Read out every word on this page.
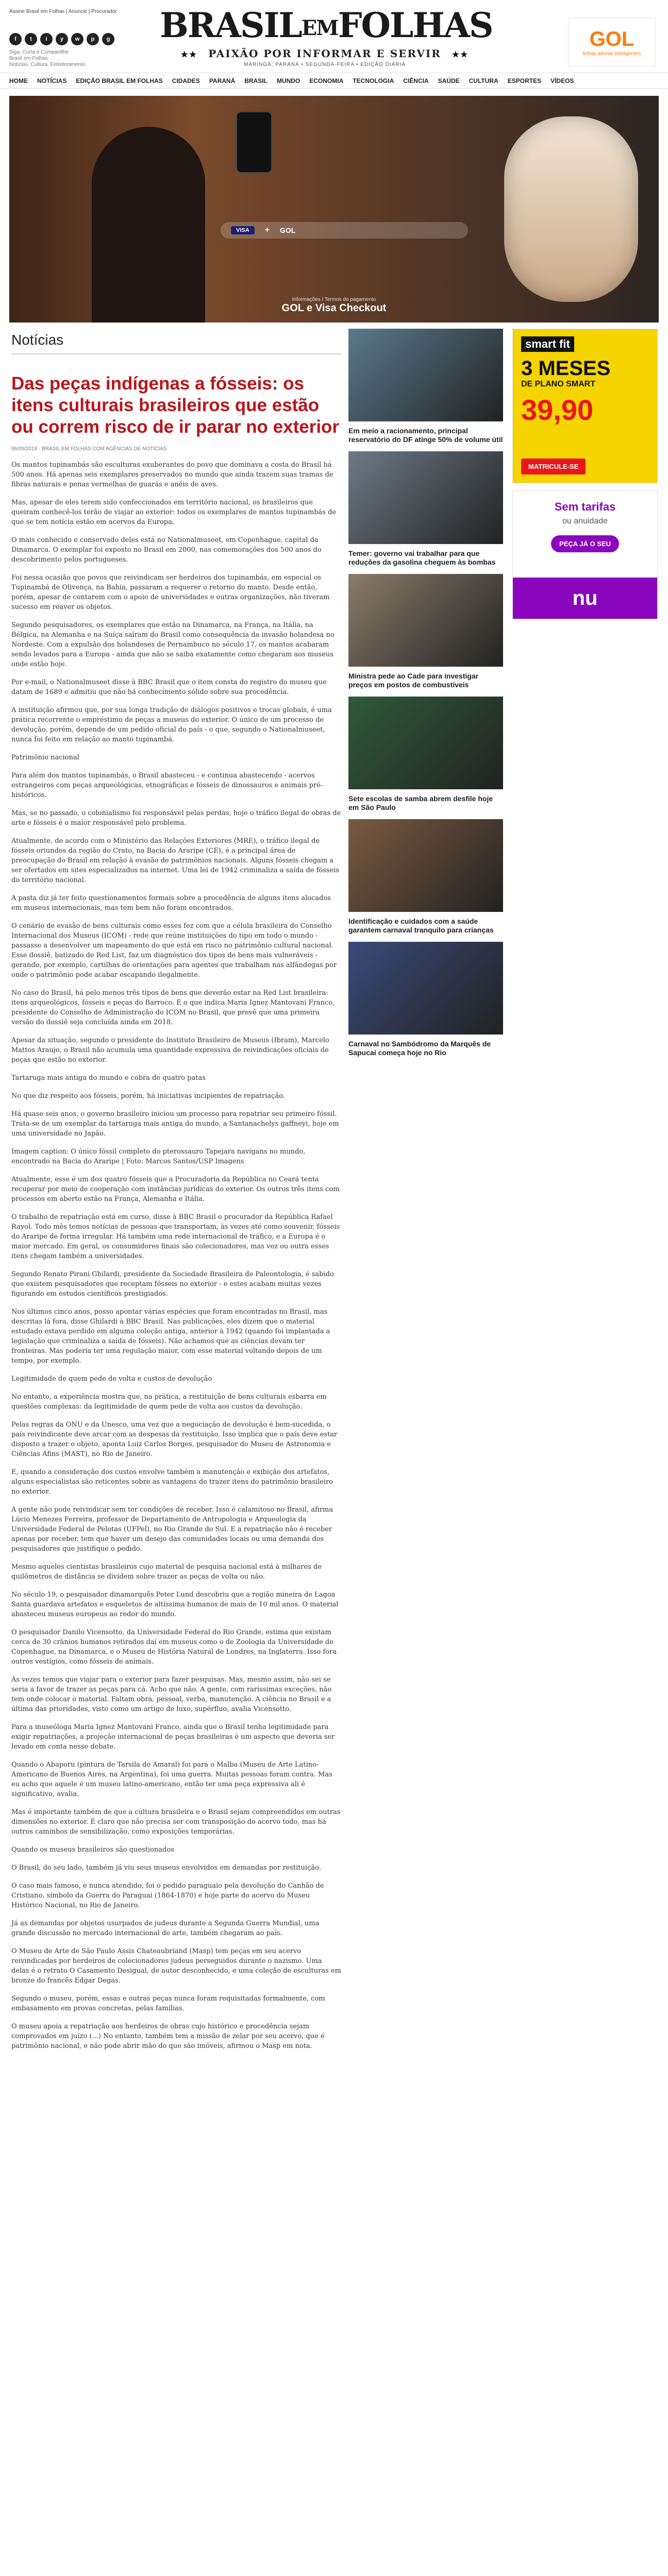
Assine Brasil em Folhas | Anuncie | Procurador
f	t	i	y	w	p	g
Siga, Curta e Compartilhe
Brasil em Folhas
Notícias, Cultura, Entretenimento
BRASILEMFOLHAS
★★ PAIXÃO POR INFORMAR E SERVIR ★★
MARINGÁ, PARANÁ • SEGUNDA-FEIRA • EDIÇÃO DIÁRIA
GOL
linhas aéreas inteligentes
HOME NOTÍCIAS EDIÇÃO BRASIL EM FOLHAS CIDADES PARANÁ BRASIL MUNDO ECONOMIA TECNOLOGIA CIÊNCIA SAÚDE CULTURA ESPORTES VÍDEOS
VISA	+ GOL
Informações / Termos do pagamento
GOL e Visa Checkout
Notícias
Das peças indígenas a fósseis: os itens culturais brasileiros que estão ou correm risco de ir parar no exterior
06/05/2019 · BRASIL EM FOLHAS COM AGÊNCIAS DE NOTÍCIAS

Os mantos tupinambás são esculturas exuberantes do povo que dominava a costa do Brasil há 500 anos. Há apenas seis exemplares preservados no mundo que ainda trazem suas tramas de fibras naturais e penas vermelhas de guarás e anéis de aves.

Mas, apesar de eles terem sido confeccionados em território nacional, os brasileiros que queiram conhecê-los terão de viajar ao exterior: todos os exemplares de mantos tupinambás de que se tem notícia estão em acervos da Europa.

O mais conhecido e conservado deles está no Nationalmuseet, em Copenhague, capital da Dinamarca. O exemplar foi exposto no Brasil em 2000, nas comemorações dos 500 anos do descobrimento pelos portugueses.

Foi nessa ocasião que povos que reivindicam ser herdeiros dos tupinambás, em especial os Tupinambá de Olivença, na Bahia, passaram a requerer o retorno do manto. Desde então, porém, apesar de contarem com o apoio de universidades e outras organizações, não tiveram sucesso em reaver os objetos.

Segundo pesquisadores, os exemplares que estão na Dinamarca, na França, na Itália, na Bélgica, na Alemanha e na Suíça saíram do Brasil como consequência da invasão holandesa no Nordeste. Com a expulsão dos holandeses de Pernambuco no século 17, os mantos acabaram sendo levados para a Europa - ainda que não se saiba exatamente como chegaram aos museus onde estão hoje.

Por e-mail, o Nationalmuseet disse à BBC Brasil que o item consta do registro do museu que datam de 1689 e admitiu que não há conhecimento sólido sobre sua procedência.

A instituição afirmou que, por sua longa tradição de diálogos positivos e trocas globais, é uma prática recorrente o empréstimo de peças a museus do exterior. O único de um processo de devolução, porém, depende de um pedido oficial do país - o que, segundo o Nationalmuseet, nunca foi feito em relação ao manto tupinambá.

Patrimônio nacional

Para além dos mantos tupinambás, o Brasil abasteceu - e continua abastecendo - acervos estrangeiros com peças arqueológicas, etnográficas e fósseis de dinossauros e animais pré-históricos.

Mas, se no passado, o colonialismo foi responsável pelas perdas, hoje o tráfico ilegal de obras de arte e fósseis é o maior responsável pelo problema.

Atualmente, de acordo com o Ministério das Relações Exteriores (MRE), o tráfico ilegal de fósseis oriundos da região do Crato, na Bacia do Araripe (CE), é a principal área de preocupação do Brasil em relação à evasão de patrimônios nacionais. Alguns fósseis chegam a ser ofertados em sites especializados na internet. Uma lei de 1942 criminaliza a saída de fósseis do território nacional.

A pasta diz já ter feito questionamentos formais sobre a procedência de alguns itens alocados em museus internacionais, mas tem bem não foram encontrados.

O cenário de evasão de bens culturais como esses fez com que a célula brasileira do Conselho Internacional dos Museus (ICOM) - rede que reúne instituições do tipo em todo o mundo - passasse a desenvolver um mapeamento do que está em risco no patrimônio cultural nacional. Esse dossiê, batizado de Red List, faz um diagnóstico dos tipos de bens mais vulneráveis - gerando, por exemplo, cartilhas de orientações para agentes que trabalham nas alfândegas por onde o patrimônio pode acabar escapando ilegalmente.

No caso do Brasil, há pelo menos três tipos de bens que deverão estar na Red List brasileira: itens arqueológicos, fósseis e peças do Barroco. É o que indica Maria Ignez Mantovani Franco, presidente do Conselho de Administração do ICOM no Brasil, que prevê que uma primeira versão do dossiê seja concluída ainda em 2018.

Apesar da situação, segundo o presidente do Instituto Brasileiro de Museus (Ibram), Marcelo Mattos Araujo, o Brasil não acumula uma quantidade expressiva de reivindicações oficiais de peças que estão no exterior.

Tartaruga mais antiga do mundo e cobra de quatro patas

No que diz respeito aos fósseis, porém, há iniciativas incipientes de repatriação.

Há quase seis anos, o governo brasileiro iniciou um processo para repatriar seu primeiro fóssil. Trata-se de um exemplar da tartaruga mais antiga do mundo, a Santanachelys gaffneyi, hoje em uma universidade no Japão.

Imagem caption: O único fóssil completo do pterossauro Tapejara navigans no mundo, encontrado na Bacia do Araripe | Foto: Marcos Santos/USP Imagens

Atualmente, esse é um dos quatro fósseis que a Procuradoria da República no Ceará tenta recuperar por meio de cooperação com instâncias jurídicas do exterior. Os outros três itens com processos em aberto estão na França, Alemanha e Itália.

O trabalho de repatriação está em curso, disse à BBC Brasil o procurador da República Rafael Rayol. Todo mês temos notícias de pessoas que transportam, às vezes até como souvenir, fósseis do Araripe de forma irregular. Há também uma rede internacional de tráfico, e a Europa é o maior mercado. Em geral, os consumidores finais são colecionadores, mas vez ou outra esses itens chegam também a universidades.

Segundo Renato Pirani Ghilardi, presidente da Sociedade Brasileira de Paleontologia, é sabido que existem pesquisadores que receptam fósseis no exterior - e estes acabam muitas vezes figurando em estudos científicos prestigiados.

Nos últimos cinco anos, posso apontar várias espécies que foram encontradas no Brasil, mas descritas lá fora, disse Ghilardi à BBC Brasil. Nas publicações, eles dizem que o material estudado estava perdido em alguma coleção antiga, anterior à 1942 (quando foi implantada a legislação que criminaliza a saída de fósseis). Não achamos que as ciências devam ter fronteiras. Mas poderia ter uma regulação maior, com esse material voltando depois de um tempo, por exemplo.

Legitimidade de quem pede de volta e custos de devolução

No entanto, a experiência mostra que, na prática, a restituição de bens culturais esbarra em questões complexas: da legitimidade de quem pede de volta aos custos da devolução.

Pelas regras da ONU e da Unesco, uma vez que a negociação de devolução é bem-sucedida, o país reivindicante deve arcar com as despesas da restituição. Isso implica que o país deve estar disposto a trazer o objeto, aponta Luiz Carlos Borges, pesquisador do Museu de Astronomia e Ciências Afins (MAST), no Rio de Janeiro.

E, quando a consideração dos custos envolve também a manutenção e exibição dos artefatos, alguns especialistas são reticentes sobre as vantagens de trazer itens do patrimônio brasileiro no exterior.

A gente não pode reivindicar sem ter condições de receber. Isso é calamitoso no Brasil, afirma Lúcio Menezes Ferreira, professor de Departamento de Antropologia e Arqueologia da Universidade Federal de Pelotas (UFPel), no Rio Grande do Sul. E a repatriação não é receber apenas por receber, tem que haver um desejo das comunidades locais ou uma demanda dos pesquisadores que justifique o pedido.

Mesmo aqueles cientistas brasileiros cujo material de pesquisa nacional está à milhares de quilômetros de distância se dividem sobre trazer as peças de volta ou não.

No século 19, o pesquisador dinamarquês Peter Lund descobriu que a região mineira de Lagoa Santa guardava artefatos e esqueletos de altíssima humanos de mais de 10 mil anos. O material abasteceu museus europeus ao redor do mundo.

O pesquisador Danilo Vicensotto, da Universidade Federal do Rio Grande, estima que existam cerca de 30 crânios humanos retirados daí em museus como o de Zoologia da Universidade de Copenhague, na Dinamarca, e o Museu de História Natural de Londres, na Inglaterra. Isso fora outros vestígios, como fósseis de animais.

Às vezes temos que viajar para o exterior para fazer pesquisas. Mas, mesmo assim, não sei se seria a favor de trazer as peças para cá. Acho que não. A gente, com raríssimas exceções, não tem onde colocar o material. Faltam obra, pessoal, verba, manutenção. A ciência no Brasil e a última das prioridades, visto como um artigo de luxo, supérfluo, avalia Vicensotto.

Para a museóloga Maria Ignez Mantovani Franco, ainda que o Brasil tenha legitimidade para exigir repatriações, a projeção internacional de peças brasileiras é um aspecto que deveria ser levado em conta nesse debate.

Quando o Abaporu (pintura de Tarsila do Amaral) foi para o Malba (Museu de Arte Latino-Americano de Buenos Aires, na Argentina), foi uma guerra. Muitas pessoas foram contra. Mas eu acho que aquele é um museu latino-americano, então ter uma peça expressiva ali é significativo, avalia.

Mas é importante também de que a cultura brasileira e o Brasil sejam compreendidos em outras dimensões no exterior. É claro que não precisa ser com transposição do acervo todo, mas há outros caminhos de sensibilização, como exposições temporárias.

Quando os museus brasileiros são questionados

O Brasil, do seu lado, também já viu seus museus envolvidos em demandas por restituição.

O caso mais famoso, e nunca atendido, foi o pedido paraguaio pela devolução do Canhão de Cristiano, símbolo da Guerra do Paraguai (1864-1870) e hoje parte do acervo do Museu Histórico Nacional, no Rio de Janeiro.

Já as demandas por objetos usurpados de judeus durante a Segunda Guerra Mundial, uma grande discussão no mercado internacional de arte, também chegaram ao país.

O Museu de Arte de São Paulo Assis Chateaubriand (Masp) tem peças em seu acervo reivindicadas por herdeiros de colecionadores judeus perseguidos durante o nazismo. Uma delas é o retrato O Casamento Desigual, de autor desconhecido, e uma coleção de esculturas em bronze do francês Edgar Degas.

Segundo o museu, porém, essas e outras peças nunca foram requisitadas formalmente, com embasamento em provas concretas, pelas famílias.

O museu apoia a repatriação aos herdeiros de obras cujo histórico e procedência sejam comprovados em juízo (...) No entanto, também tem a missão de zelar por seu acervo, que é patrimônio nacional, e não pode abrir mão do que são imóveis, afirmou o Masp em nota.

Em meio a racionamento, principal reservatório do DF atinge 50% de volume útil
Temer: governo vai trabalhar para que reduções da gasolina cheguem às bombas
Ministra pede ao Cade para investigar preços em postos de combustíveis
Sete escolas de samba abrem desfile hoje em São Paulo
Identificação e cuidados com a saúde garantem carnaval tranquilo para crianças
Carnaval no Sambódromo da Marquês de Sapucaí começa hoje no Rio
smart fit
3 MESES
DE PLANO SMART
39,90
MATRICULE-SE
Sem tarifas
ou anuidade
PEÇA JÁ O SEU
nu
